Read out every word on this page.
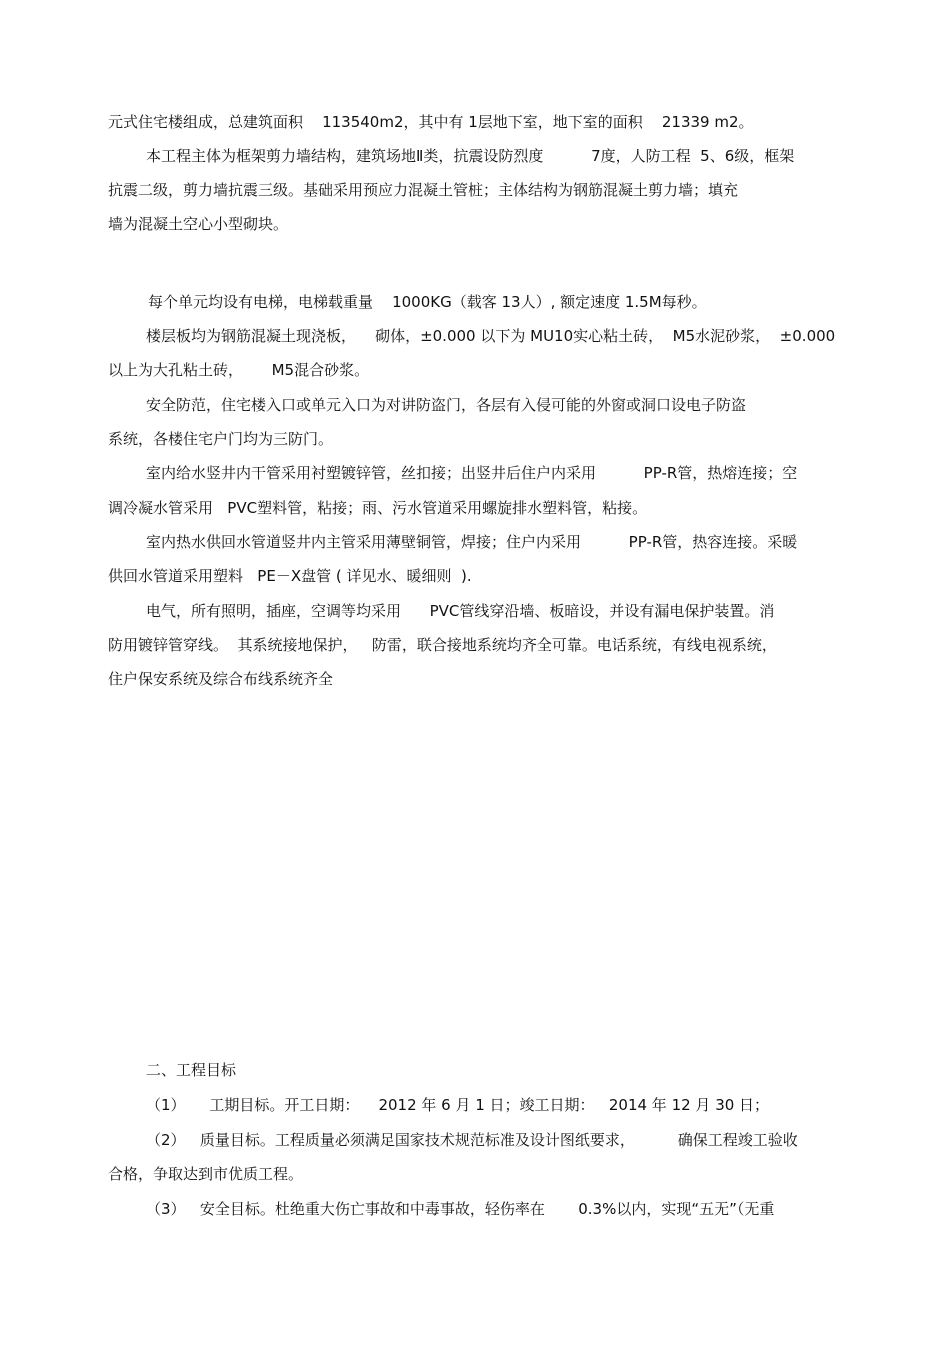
元式住宅楼组成，总建筑面积    113540m2，其中有 1层地下室，地下室的面积    21339 m2。
本工程主体为框架剪力墙结构，建筑场地Ⅱ类，抗震设防烈度          7度，人防工程  5、6级，框架
抗震二级，剪力墙抗震三级。基础采用预应力混凝土管桩；主体结构为钢筋混凝土剪力墙；填充
墙为混凝土空心小型砌块。
每个单元均设有电梯，电梯载重量    1000KG（载客 13人）, 额定速度 1.5M每秒。
楼层板均为钢筋混凝土现浇板，    砌体，±0.000 以下为 MU10实心粘土砖，  M5水泥砂浆，  ±0.000
以上为大孔粘土砖，      M5混合砂浆。
安全防范，住宅楼入口或单元入口为对讲防盗门，各层有入侵可能的外窗或洞口设电子防盗
系统，各楼住宅户门均为三防门。
室内给水竖井内干管采用衬塑镀锌管，丝扣接；出竖井后住户内采用          PP-R管，热熔连接；空
调冷凝水管采用   PVC塑料管，粘接；雨、污水管道采用螺旋排水塑料管，粘接。
室内热水供回水管道竖井内主管采用薄壁铜管，焊接；住户内采用          PP-R管，热容连接。采暖
供回水管道采用塑料   PE－X盘管 ( 详见水、暖细则  ).
电气，所有照明，插座，空调等均采用      PVC管线穿沿墙、板暗设，并设有漏电保护装置。消
防用镀锌管穿线。  其系统接地保护，   防雷，联合接地系统均齐全可靠。电话系统，有线电视系统，
住户保安系统及综合布线系统齐全
二、工程目标
（1）     工期目标。开工日期：    2012 年 6 月 1 日；竣工日期：   2014 年 12 月 30 日；
（2）   质量目标。工程质量必须满足国家技术规范标准及设计图纸要求，         确保工程竣工验收
合格，争取达到市优质工程。
（3）   安全目标。杜绝重大伤亡事故和中毒事故，轻伤率在       0.3%以内，实现“五无”（无重
